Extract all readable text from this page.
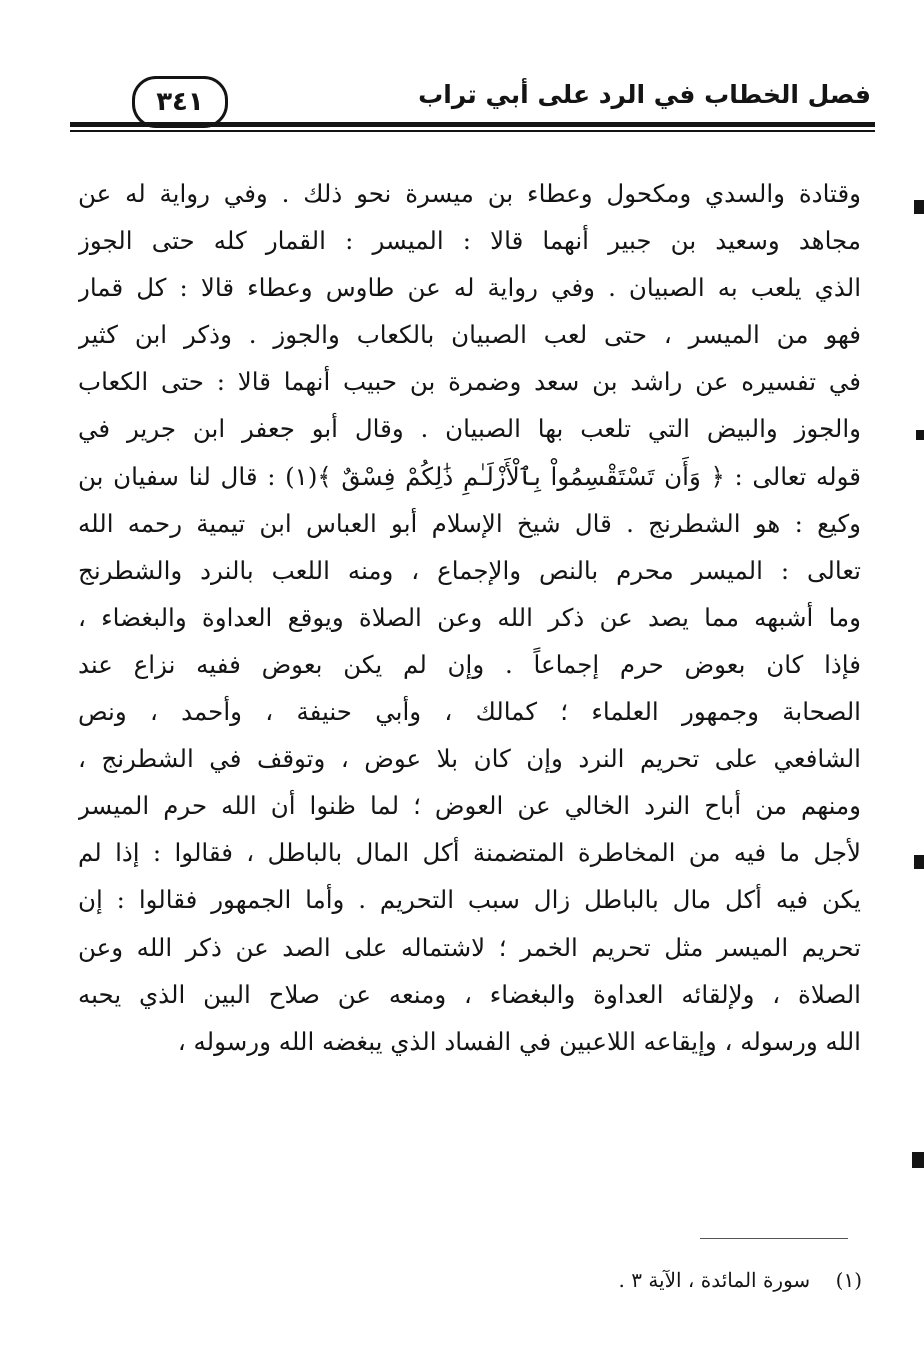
فصل الخطاب في الرد على أبي تراب
٣٤١
وقتادة والسدي ومكحول وعطاء بن ميسرة نحو ذلك . وفي رواية له عن
مجاهد وسعيد بن جبير أنهما قالا : الميسر : القمار كله حتى الجوز
الذي يلعب به الصبيان . وفي رواية له عن طاوس وعطاء قالا : كل قمار
فهو من الميسر ، حتى لعب الصبيان بالكعاب والجوز . وذكر ابن كثير
في تفسيره عن راشد بن سعد وضمرة بن حبيب أنهما قالا : حتى الكعاب
والجوز والبيض التي تلعب بها الصبيان . وقال أبو جعفر ابن جرير في
قوله تعالى : ﴿ وَأَن تَسْتَقْسِمُواْ بِٱلْأَزْلَـٰمِ ذَٰلِكُمْ فِسْقٌ ﴾(١) : قال لنا سفيان بن
وكيع : هو الشطرنج . قال شيخ الإسلام أبو العباس ابن تيمية رحمه الله
تعالى : الميسر محرم بالنص والإجماع ، ومنه اللعب بالنرد والشطرنج
وما أشبهه مما يصد عن ذكر الله وعن الصلاة ويوقع العداوة والبغضاء ،
فإذا كان بعوض حرم إجماعاً . وإن لم يكن بعوض ففيه نزاع عند
الصحابة وجمهور العلماء ؛ كمالك ، وأبي حنيفة ، وأحمد ، ونص
الشافعي على تحريم النرد وإن كان بلا عوض ، وتوقف في الشطرنج ،
ومنهم من أباح النرد الخالي عن العوض ؛ لما ظنوا أن الله حرم الميسر
لأجل ما فيه من المخاطرة المتضمنة أكل المال بالباطل ، فقالوا : إذا لم
يكن فيه أكل مال بالباطل زال سبب التحريم . وأما الجمهور فقالوا : إن
تحريم الميسر مثل تحريم الخمر ؛ لاشتماله على الصد عن ذكر الله وعن
الصلاة ، ولإلقائه العداوة والبغضاء ، ومنعه عن صلاح البين الذي يحبه
الله ورسوله ، وإيقاعه اللاعبين في الفساد الذي يبغضه الله ورسوله ،
(١)    سورة المائدة ، الآية ٣ .
